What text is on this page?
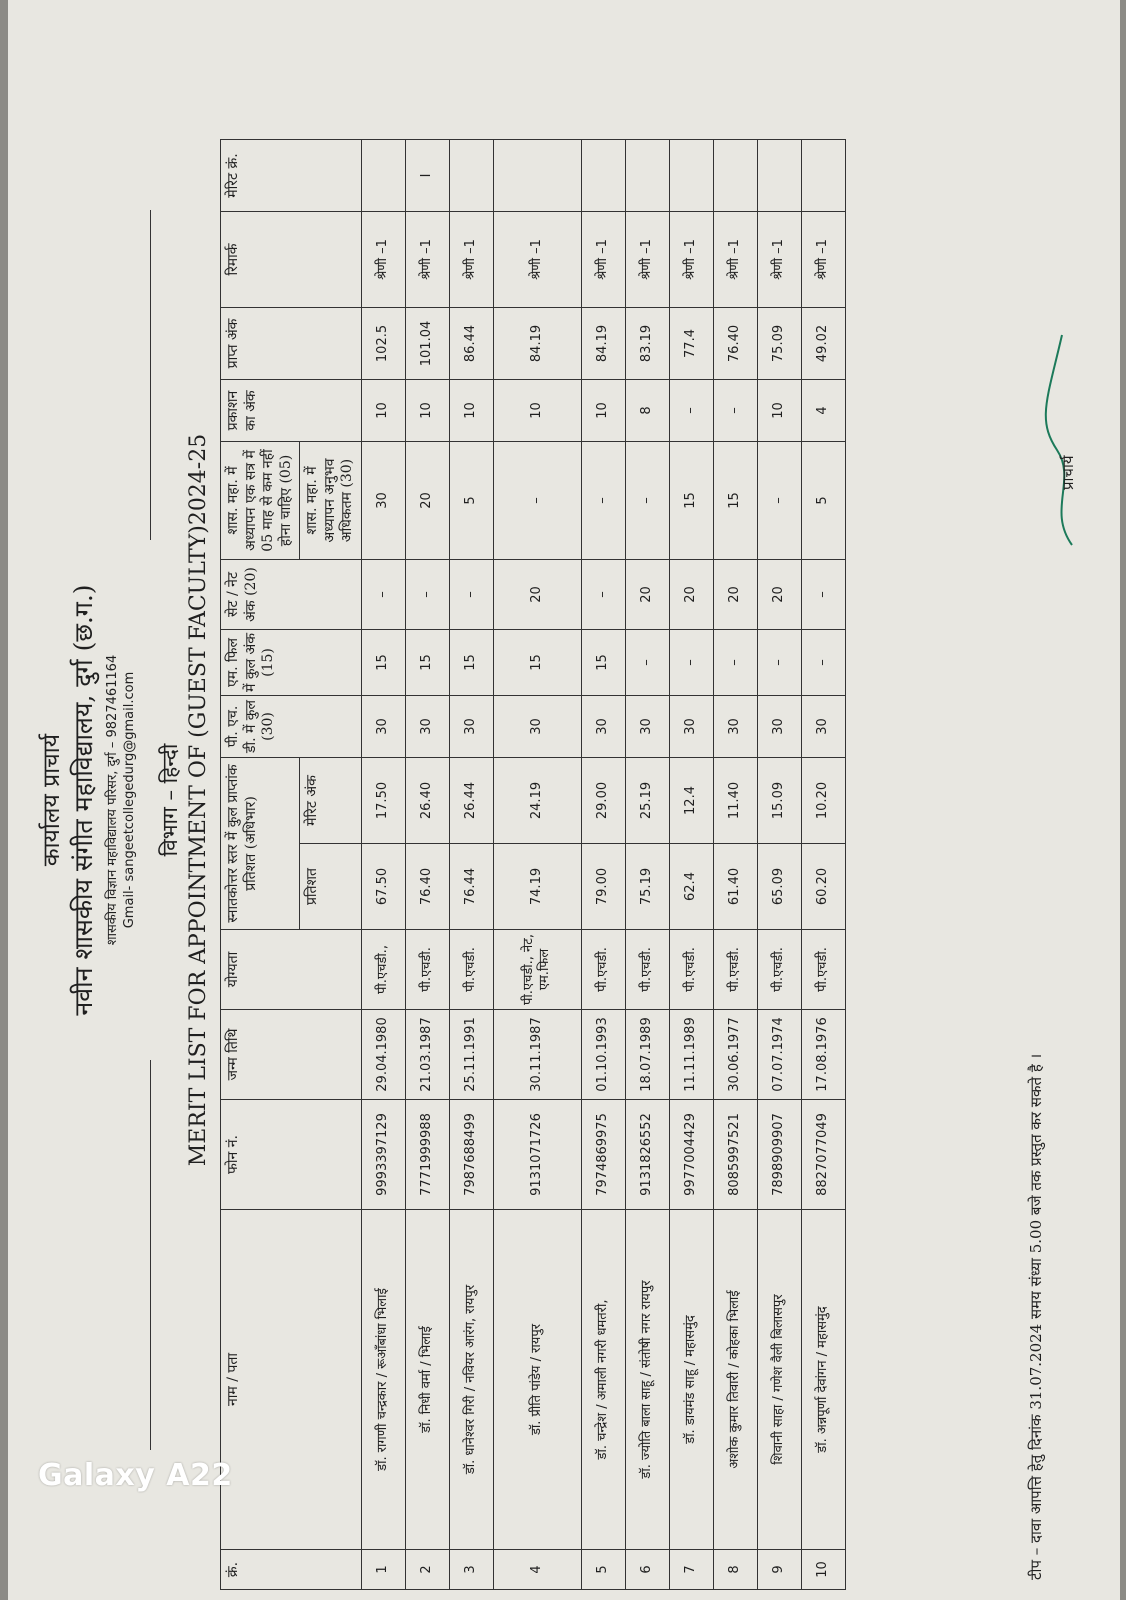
कार्यालय प्राचार्य नवीन शासकीय संगीत महाविद्यालय, दुर्ग (छ.ग.) शासकीय विज्ञान महाविद्यालय परिसर, दुर्ग – 9827461164 Gmail- sangeetcollegedurg@gmail.com विभाग – हिन्दी MERIT LIST FOR APPOINTMENT OF (GUEST FACULTY)2024-25
क्रं.	नाम / पता	फोन नं.	जन्म तिथि	योग्यता	स्नातकोत्तर स्तर में कुल प्राप्तांक प्रतिशत (अधिभार)		पी. एच. डी. में कुल (30)	एम. फिल में कुल अंक (15)	सेट / नेट अंक (20)	शास. महा. में अध्यापन एक सत्र में 05 माह से कम नहीं होना चाहिए (05)	प्रकाशन का अंक	प्राप्त अंक	रिमार्क	मेरिट क्रं.
					प्रतिशत	मेरिट अंक				शास. महा. में अध्यापन अनुभव अधिकतम (30)				
1	डॉ. रागणी चन्द्रकार / रूआँबांधा भिलाई	9993397129	29.04.1980	पी.एचडी.,	67.50	17.50	30	15	–	30	10	102.5	श्रेणी –1	
2	डॉ. निधी वर्मा / भिलाई	7771999988	21.03.1987	पी.एचडी.	76.40	26.40	30	15	–	20	10	101.04	श्रेणी –1	I
3	डॉ. धानेश्वर गिरी / नवियर आरंग, रायपुर	7987688499	25.11.1991	पी.एचडी.	76.44	26.44	30	15	–	5	10	86.44	श्रेणी –1	
4	डॉ. प्रीति पांडेय / रायपुर	9131071726	30.11.1987	पी.एचडी., नेट, एम.फिल	74.19	24.19	30	15	20	–	10	84.19	श्रेणी –1	
5	डॉ. चन्द्रेश / अमाली नगरी धमतरी,	7974869975	01.10.1993	पी.एचडी.	79.00	29.00	30	15	–	–	10	84.19	श्रेणी –1	
6	डॉ. ज्योति बाला साहू / संतोषी नगर रायपुर	9131826552	18.07.1989	पी.एचडी.	75.19	25.19	30	–	20	–	8	83.19	श्रेणी –1	
7	डॉ. डायमंड साहू / महासमुंद	9977004429	11.11.1989	पी.एचडी.	62.4	12.4	30	–	20	15	–	77.4	श्रेणी –1	
8	अशोक कुमार तिवारी / कोहका भिलाई	8085997521	30.06.1977	पी.एचडी.	61.40	11.40	30	–	20	15	–	76.40	श्रेणी –1	
9	शिवानी साहा / गणेश वैली बिलासपुर	7898909907	07.07.1974	पी.एचडी.	65.09	15.09	30	–	20	–	10	75.09	श्रेणी –1	
10	डॉ. अन्नपूर्णा देवांगन / महासमुंद	8827077049	17.08.1976	पी.एचडी.	60.20	10.20	30	–	–	5	4	49.02	श्रेणी –1	
टीप – दावा आपत्ति हेतु दिनांक 31.07.2024 समय संध्या 5.00 बजे तक प्रस्तुत कर सकते है ।
प्राचार्य
Galaxy A22
